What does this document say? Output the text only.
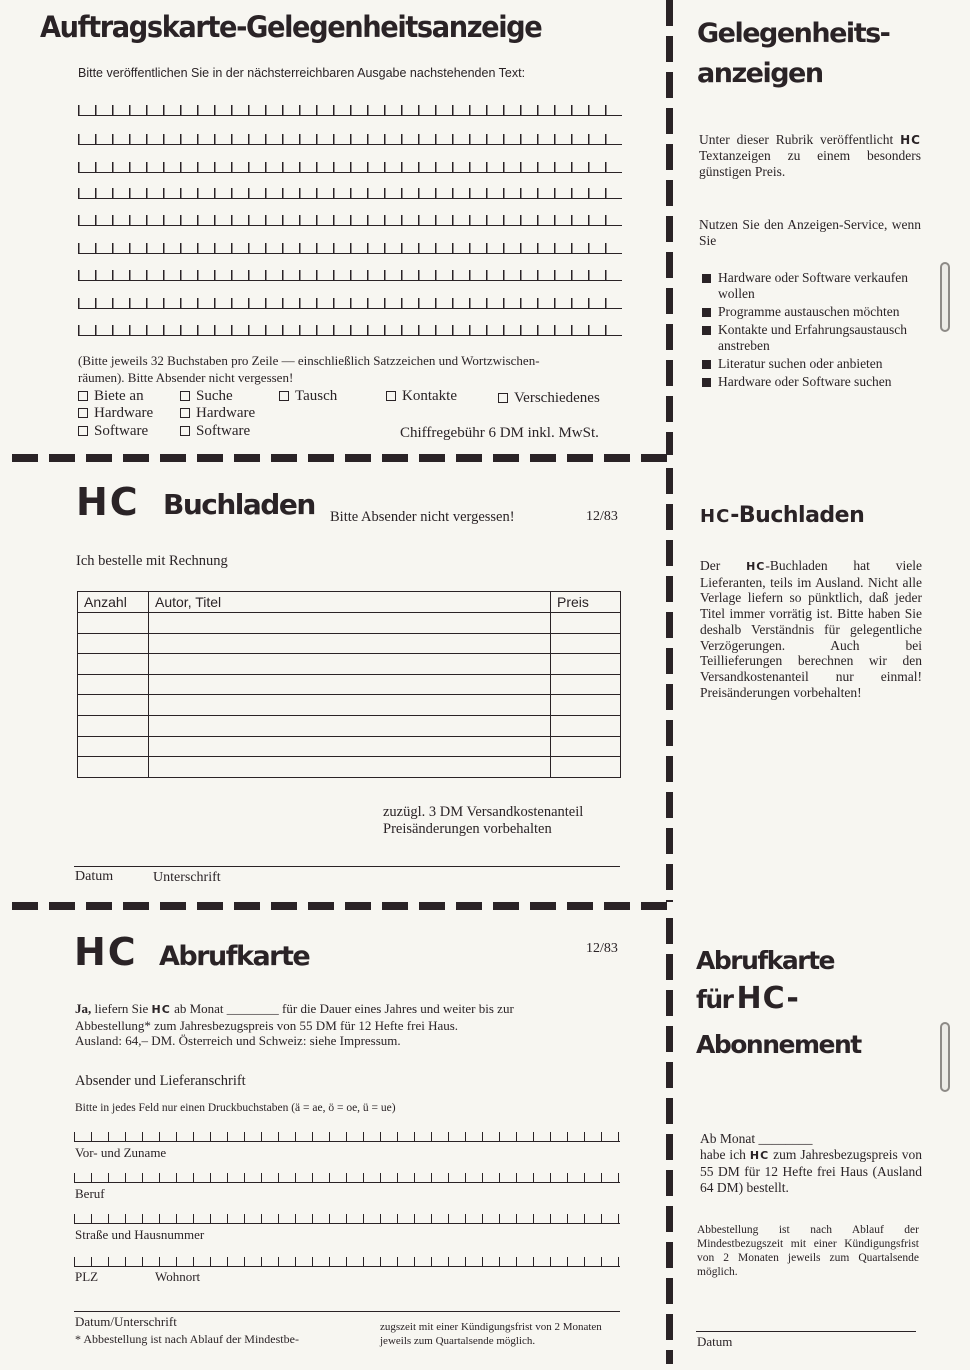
Auftragskarte-Gelegenheitsanzeige
Bitte veröffentlichen Sie in der nächsterreichbaren Ausgabe nachstehenden Text:
(Bitte jeweils 32 Buchstaben pro Zeile — einschließlich Satzzeichen und Wortzwischen-
räumen). Bitte Absender nicht vergessen!
Biete an	Suche	Tausch	Kontakte	Verschiedenes
Hardware	Hardware
Software	Software	Chiffregebühr 6 DM inkl. MwSt.
Gelegenheits-
anzeigen
Unter dieser Rubrik veröffentlicht HC Textanzeigen zu einem besonders günstigen Preis.
Nutzen Sie den Anzeigen-Service, wenn Sie
Hardware oder Software verkaufen wollen
Programme austauschen möchten
Kontakte und Erfahrungsaustausch anstreben
Literatur suchen oder anbieten
Hardware oder Software suchen
HC Buchladen Bitte Absender nicht vergessen!	12/83
Ich bestelle mit Rechnung
Anzahl	Autor, Titel	Preis

zuzügl. 3 DM Versandkostenanteil
Preisänderungen vorbehalten
Datum	Unterschrift
HC-Buchladen
Der HC-Buchladen hat viele Lieferanten, teils im Ausland. Nicht alle Verlage liefern so pünktlich, daß jeder Titel immer vorrätig ist. Bitte haben Sie deshalb Verständnis für gelegentliche Verzögerungen. Auch bei Teillieferungen berechnen wir den Versandkostenanteil nur einmal! Preisänderungen vorbehalten!
HC Abrufkarte	12/83
Ja, liefern Sie HC ab Monat ________ für die Dauer eines Jahres und weiter bis zur
Abbestellung* zum Jahresbezugspreis von 55 DM für 12 Hefte frei Haus.
Ausland: 64,– DM. Österreich und Schweiz: siehe Impressum.
Absender und Lieferanschrift
Bitte in jedes Feld nur einen Druckbuchstaben (ä = ae, ö = oe, ü = ue)
Vor- und Zuname
Beruf
Straße und Hausnummer
PLZ	Wohnort
Datum/Unterschrift
* Abbestellung ist nach Ablauf der Mindestbe-
zugszeit mit einer Kündigungsfrist von 2 Monaten
jeweils zum Quartalsende möglich.
Abrufkarte
für HC-
Abonnement
Ab Monat ________
habe ich HC zum Jahresbezugspreis von 55 DM für 12 Hefte frei Haus (Ausland 64 DM) bestellt.
Abbestellung ist nach Ablauf der Mindestbezugszeit mit einer Kündigungsfrist von 2 Monaten jeweils zum Quartalsende möglich.
Datum
